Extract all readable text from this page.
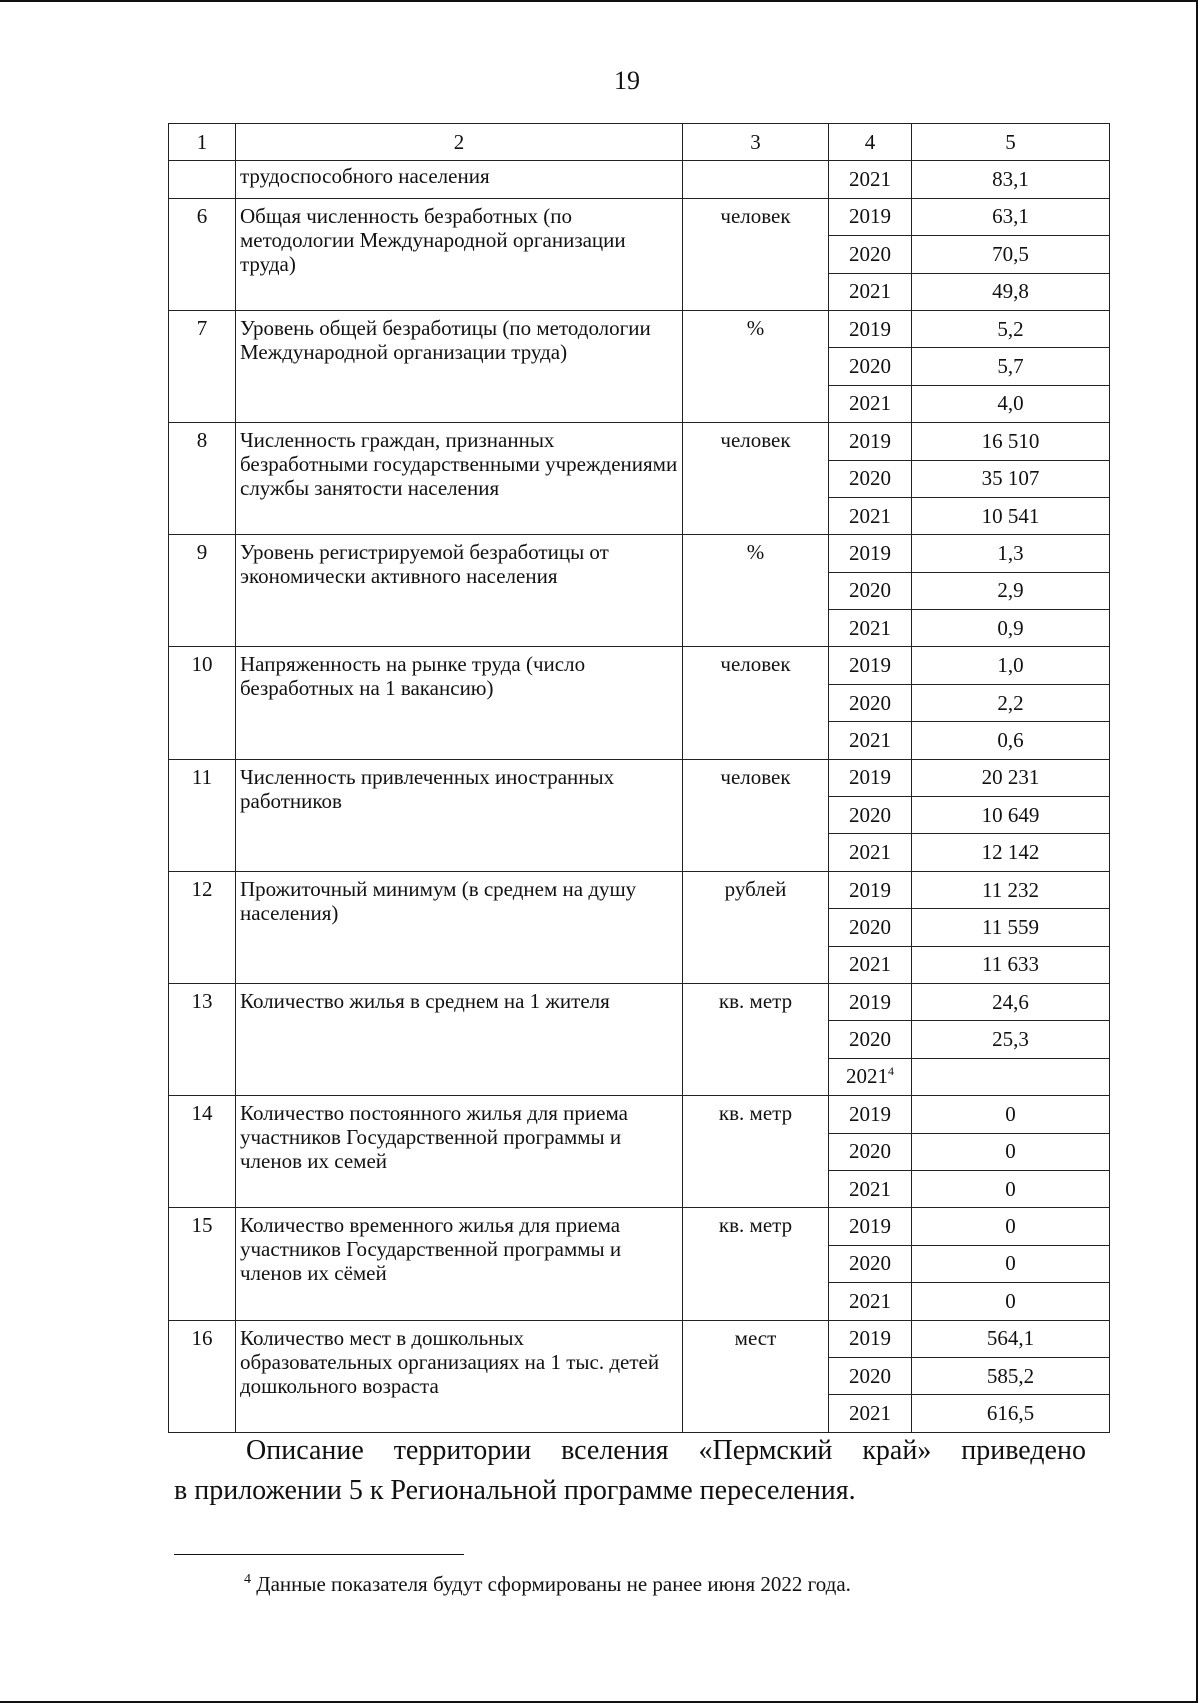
19
1	2	3	4	5
	трудоспособного населения		2021	83,1
6	Общая численность безработных (по методологии Международной организации труда)	человек	2019	63,1
			2020	70,5
			2021	49,8
7	Уровень общей безработицы (по методологии Международной организации труда)	%	2019	5,2
			2020	5,7
			2021	4,0
8	Численность граждан, признанных безработными государственными учреждениями службы занятости населения	человек	2019	16 510
			2020	35 107
			2021	10 541
9	Уровень регистрируемой безработицы от экономически активного населения	%	2019	1,3
			2020	2,9
			2021	0,9
10	Напряженность на рынке труда (число безработных на 1 вакансию)	человек	2019	1,0
			2020	2,2
			2021	0,6
11	Численность привлеченных иностранных работников	человек	2019	20 231
			2020	10 649
			2021	12 142
12	Прожиточный минимум (в среднем на душу населения)	рублей	2019	11 232
			2020	11 559
			2021	11 633
13	Количество жилья в среднем на 1 жителя	кв. метр	2019	24,6
			2020	25,3
			2021$^4$	
14	Количество постоянного жилья для приема участников Государственной программы и членов их семей	кв. метр	2019	0
			2020	0
			2021	0
15	Количество временного жилья для приема участников Государственной программы и членов их сёмей	кв. метр	2019	0
			2020	0
			2021	0
16	Количество мест в дошкольных образовательных организациях на 1 тыс. детей дошкольного возраста	мест	2019	564,1
			2020	585,2
			2021	616,5
Описание территории вселения «Пермский край» приведено
в приложении 5 к Региональной программе переселения.
$^4$ Данные показателя будут сформированы не ранее июня 2022 года.
